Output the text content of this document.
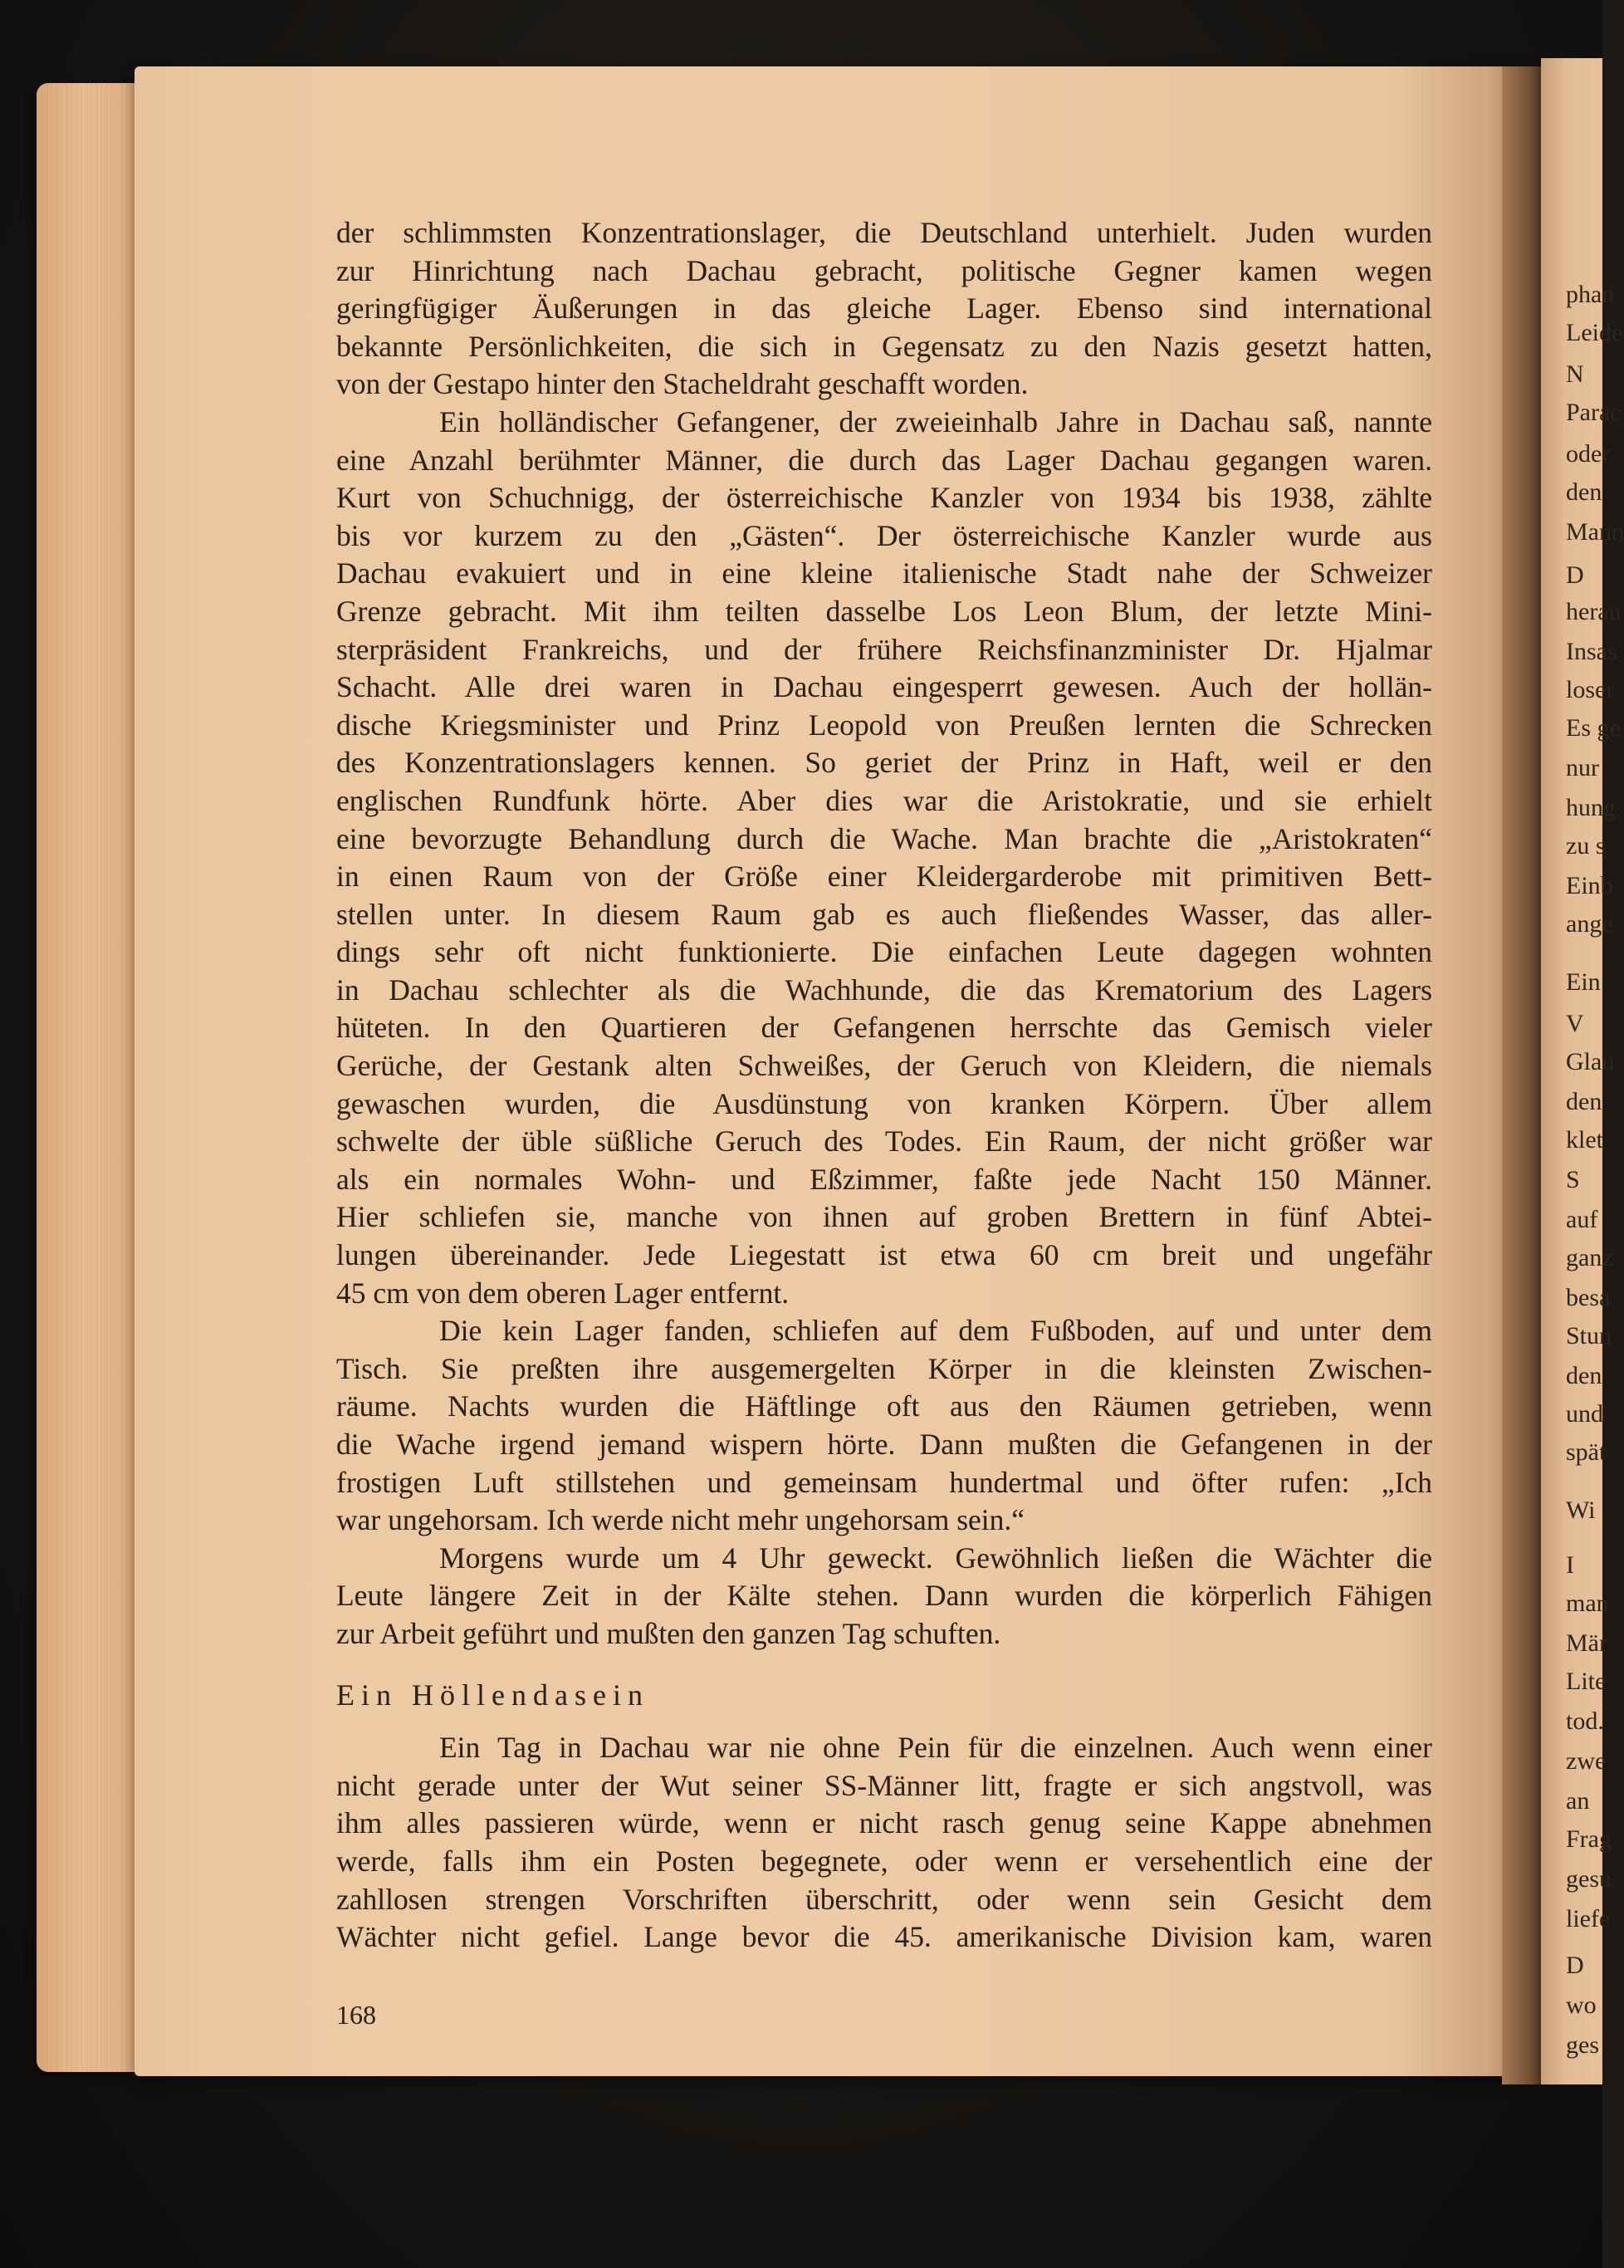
phan
Leide
N
Parac
oder
den
Mann
D
herau
Insas
loser
Es ge
nur
hung
zu s
Einb
ange
Ein
V
Glau
den
klet
S
auf
ganz
besa
Stun
den
und
spät
Wi
I
man
Mär
Lite
tod.
zwe
an
Frag
gesu
liefe
D
wo
ges
der schlimmsten Konzentrationslager, die Deutschland unterhielt. Juden wurden
zur Hinrichtung nach Dachau gebracht, politische Gegner kamen wegen
geringfügiger Äußerungen in das gleiche Lager. Ebenso sind international
bekannte Persönlichkeiten, die sich in Gegensatz zu den Nazis gesetzt hatten,
von der Gestapo hinter den Stacheldraht geschafft worden.
Ein holländischer Gefangener, der zweieinhalb Jahre in Dachau saß, nannte
eine Anzahl berühmter Männer, die durch das Lager Dachau gegangen waren.
Kurt von Schuchnigg, der österreichische Kanzler von 1934 bis 1938, zählte
bis vor kurzem zu den „Gästen“. Der österreichische Kanzler wurde aus
Dachau evakuiert und in eine kleine italienische Stadt nahe der Schweizer
Grenze gebracht. Mit ihm teilten dasselbe Los Leon Blum, der letzte Mini-
sterpräsident Frankreichs, und der frühere Reichsfinanzminister Dr. Hjalmar
Schacht. Alle drei waren in Dachau eingesperrt gewesen. Auch der hollän-
dische Kriegsminister und Prinz Leopold von Preußen lernten die Schrecken
des Konzentrationslagers kennen. So geriet der Prinz in Haft, weil er den
englischen Rundfunk hörte. Aber dies war die Aristokratie, und sie erhielt
eine bevorzugte Behandlung durch die Wache. Man brachte die „Aristokraten“
in einen Raum von der Größe einer Kleidergarderobe mit primitiven Bett-
stellen unter. In diesem Raum gab es auch fließendes Wasser, das aller-
dings sehr oft nicht funktionierte. Die einfachen Leute dagegen wohnten
in Dachau schlechter als die Wachhunde, die das Krematorium des Lagers
hüteten. In den Quartieren der Gefangenen herrschte das Gemisch vieler
Gerüche, der Gestank alten Schweißes, der Geruch von Kleidern, die niemals
gewaschen wurden, die Ausdünstung von kranken Körpern. Über allem
schwelte der üble süßliche Geruch des Todes. Ein Raum, der nicht größer war
als ein normales Wohn- und Eßzimmer, faßte jede Nacht 150 Männer.
Hier schliefen sie, manche von ihnen auf groben Brettern in fünf Abtei-
lungen übereinander. Jede Liegestatt ist etwa 60 cm breit und ungefähr
45 cm von dem oberen Lager entfernt.
Die kein Lager fanden, schliefen auf dem Fußboden, auf und unter dem
Tisch. Sie preßten ihre ausgemergelten Körper in die kleinsten Zwischen-
räume. Nachts wurden die Häftlinge oft aus den Räumen getrieben, wenn
die Wache irgend jemand wispern hörte. Dann mußten die Gefangenen in der
frostigen Luft stillstehen und gemeinsam hundertmal und öfter rufen: „Ich
war ungehorsam. Ich werde nicht mehr ungehorsam sein.“
Morgens wurde um 4 Uhr geweckt. Gewöhnlich ließen die Wächter die
Leute längere Zeit in der Kälte stehen. Dann wurden die körperlich Fähigen
zur Arbeit geführt und mußten den ganzen Tag schuften.
Ein Höllendasein
Ein Tag in Dachau war nie ohne Pein für die einzelnen. Auch wenn einer
nicht gerade unter der Wut seiner SS-Männer litt, fragte er sich angstvoll, was
ihm alles passieren würde, wenn er nicht rasch genug seine Kappe abnehmen
werde, falls ihm ein Posten begegnete, oder wenn er versehentlich eine der
zahllosen strengen Vorschriften überschritt, oder wenn sein Gesicht dem
Wächter nicht gefiel. Lange bevor die 45. amerikanische Division kam, waren
168
